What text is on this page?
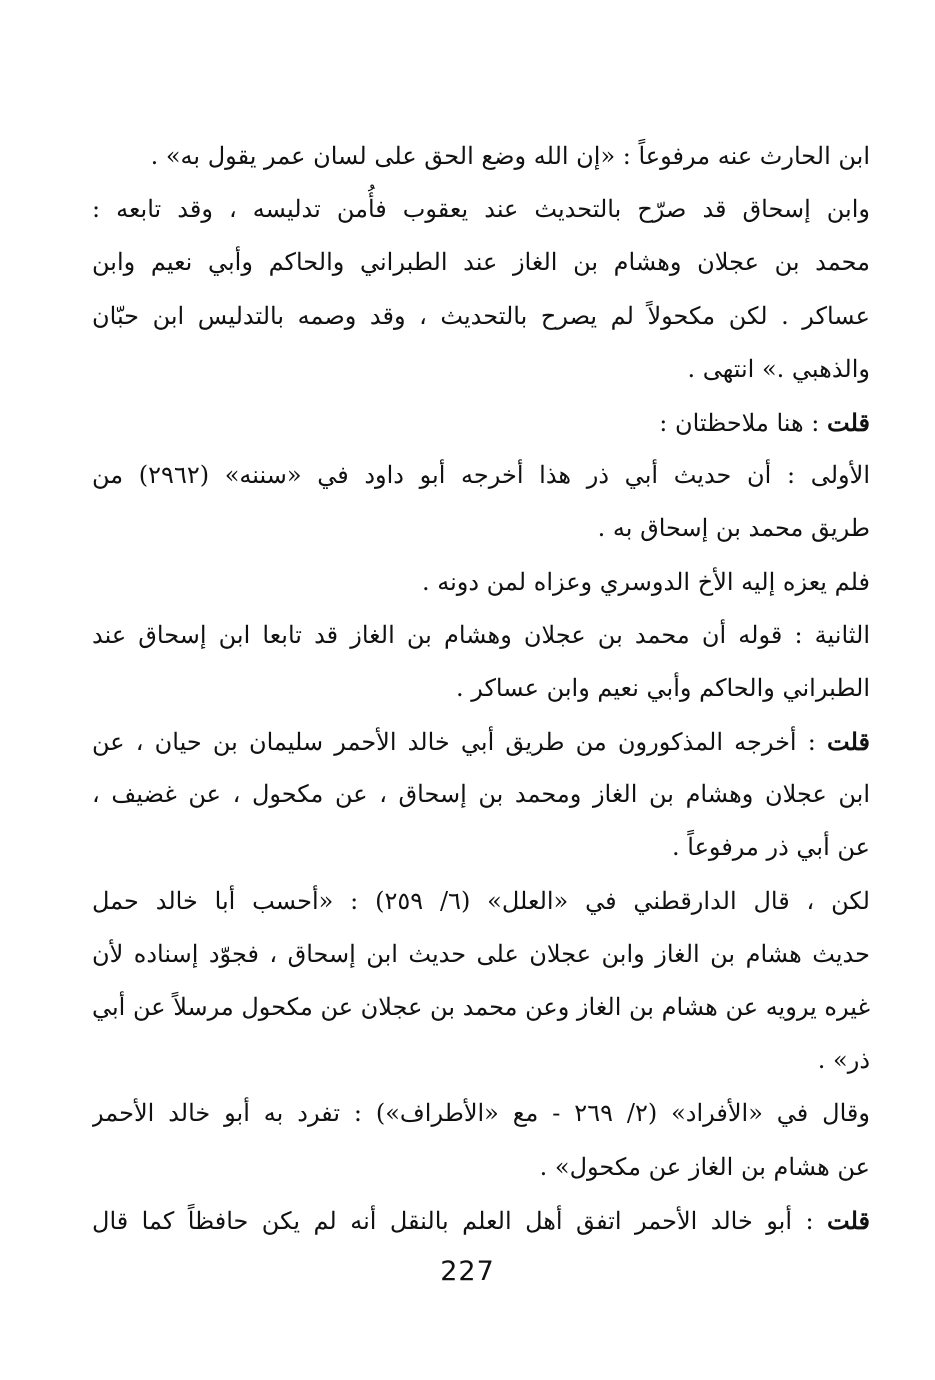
ابن الحارث عنه مرفوعاً : «إن الله وضع الحق على لسان عمر يقول به» .
وابن إسحاق قد صرّح بالتحديث عند يعقوب فأُمن تدليسه ، وقد تابعه :
محمد بن عجلان وهشام بن الغاز عند الطبراني والحاكم وأبي نعيم وابن
عساكر . لكن مكحولاً لم يصرح بالتحديث ، وقد وصمه بالتدليس ابن حبّان
والذهبي .» انتهى .
قلت : هنا ملاحظتان :
الأولى : أن حديث أبي ذر هذا أخرجه أبو داود في «سننه» (٢٩٦٢) من
طريق محمد بن إسحاق به .
فلم يعزه إليه الأخ الدوسري وعزاه لمن دونه .
الثانية : قوله أن محمد بن عجلان وهشام بن الغاز قد تابعا ابن إسحاق عند
الطبراني والحاكم وأبي نعيم وابن عساكر .
قلت : أخرجه المذكورون من طريق أبي خالد الأحمر سليمان بن حيان ، عن
ابن عجلان وهشام بن الغاز ومحمد بن إسحاق ، عن مكحول ، عن غضيف ،
عن أبي ذر مرفوعاً .
لكن ، قال الدارقطني في «العلل» (٦/ ٢٥٩) : «أحسب أبا خالد حمل
حديث هشام بن الغاز وابن عجلان على حديث ابن إسحاق ، فجوّد إسناده لأن
غيره يرويه عن هشام بن الغاز وعن محمد بن عجلان عن مكحول مرسلاً عن أبي
ذر» .
وقال في «الأفراد» (٢/ ٢٦٩ - مع «الأطراف») : تفرد به أبو خالد الأحمر
عن هشام بن الغاز عن مكحول» .
قلت : أبو خالد الأحمر اتفق أهل العلم بالنقل أنه لم يكن حافظاً كما قال
227
